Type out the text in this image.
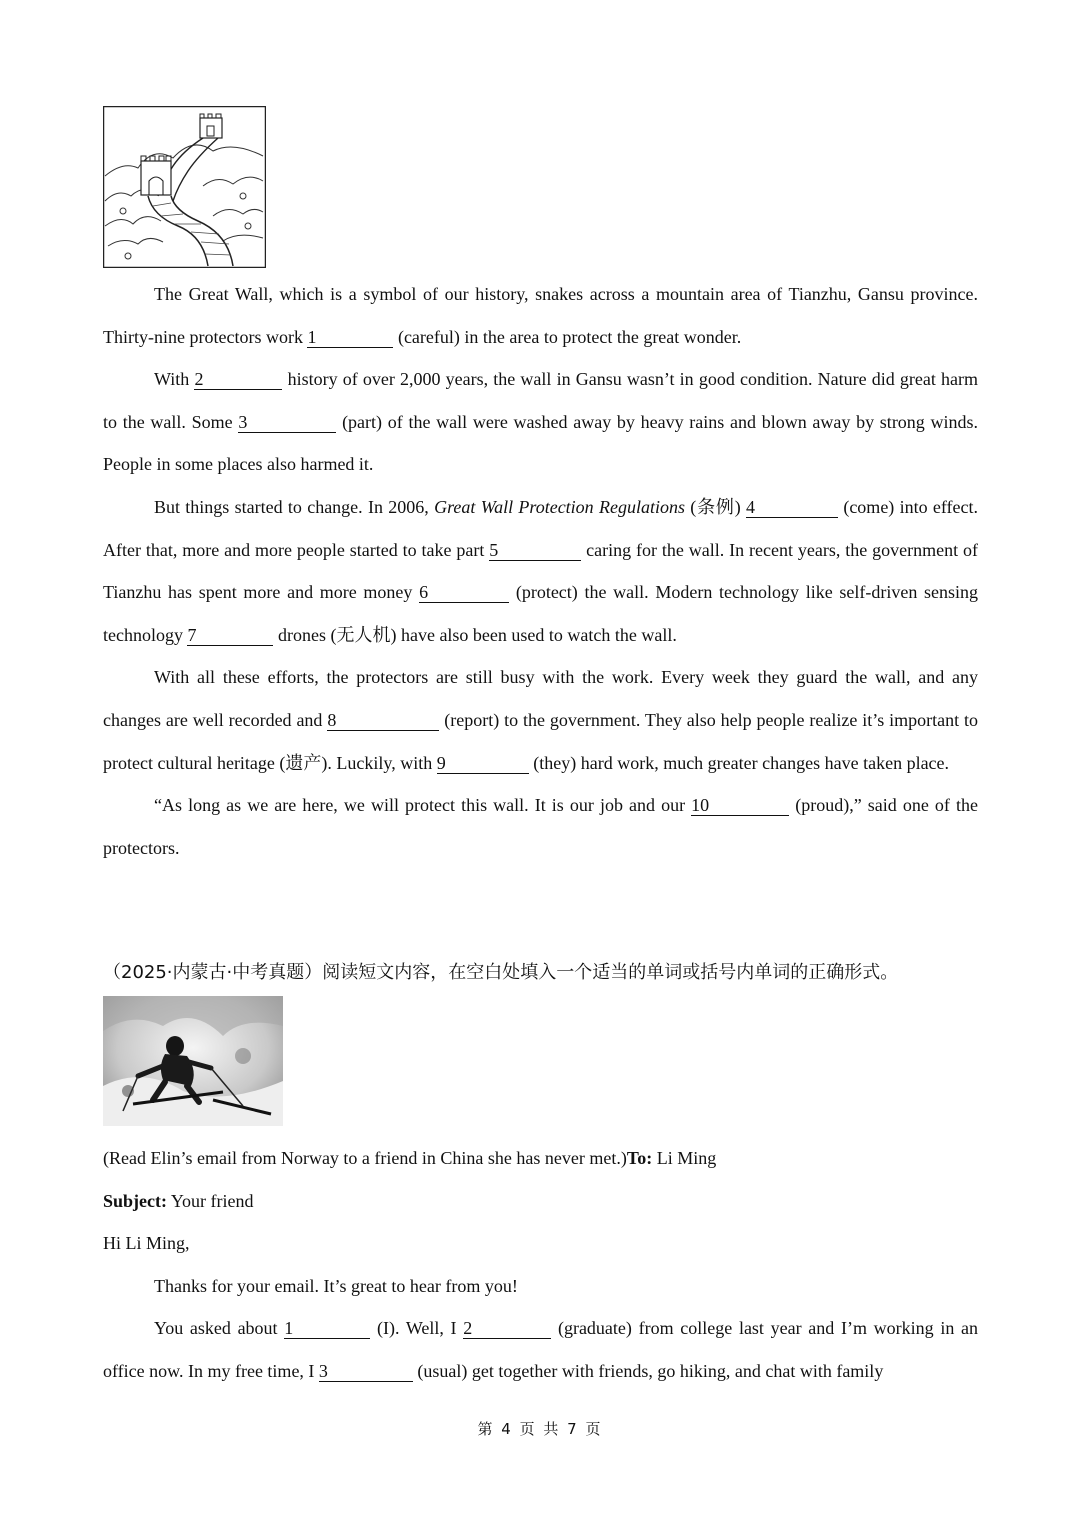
The Great Wall, which is a symbol of our history, snakes across a mountain area of Tianzhu, Gansu province. Thirty-nine protectors work 1	(careful) in the area to protect the great wonder.

With 2	history of over 2,000 years, the wall in Gansu wasn’t in good condition. Nature did great harm to the wall. Some 3	(part) of the wall were washed away by heavy rains and blown away by strong winds. People in some places also harmed it.

But things started to change. In 2006, Great Wall Protection Regulations (条例) 4	(come) into effect. After that, more and more people started to take part 5	caring for the wall. In recent years, the government of Tianzhu has spent more and more money 6	(protect) the wall. Modern technology like self-driven sensing technology 7	drones (无人机) have also been used to watch the wall.

With all these efforts, the protectors are still busy with the work. Every week they guard the wall, and any changes are well recorded and 8	(report) to the government. They also help people realize it’s important to protect cultural heritage (遗产). Luckily, with 9	(they) hard work, much greater changes have taken place.

“As long as we are here, we will protect this wall. It is our job and our 10	(proud),” said one of the protectors.

（2025·内蒙古·中考真题）阅读短文内容，在空白处填入一个适当的单词或括号内单词的正确形式。

(Read Elin’s email from Norway to a friend in China she has never met.)To: Li Ming

Subject: Your friend

Hi Li Ming,

Thanks for your email. It’s great to hear from you!

You asked about 1	(I). Well, I 2	(graduate) from college last year and I’m working in an office now. In my free time, I 3	(usual) get together with friends, go hiking, and chat with family

第 4 页 共 7 页
